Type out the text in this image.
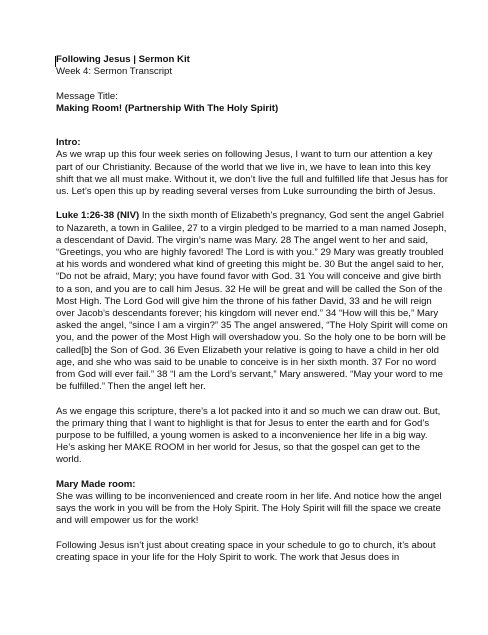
Following Jesus | Sermon Kit

Week 4: Sermon Transcript

Message Title:

Making Room! (Partnership With The Holy Spirit)

Intro:

As we wrap up this four week series on following Jesus, I want to turn our attention a key part of our Christianity. Because of the world that we live in, we have to lean into this key shift that we all must make. Without it, we don’t live the full and fulfilled life that Jesus has for us. Let’s open this up by reading several verses from Luke surrounding the birth of Jesus.

Luke 1:26-38 (NIV) In the sixth month of Elizabeth’s pregnancy, God sent the angel Gabriel to Nazareth, a town in Galilee, 27 to a virgin pledged to be married to a man named Joseph, a descendant of David. The virgin’s name was Mary. 28 The angel went to her and said, “Greetings, you who are highly favored! The Lord is with you.” 29 Mary was greatly troubled at his words and wondered what kind of greeting this might be. 30 But the angel said to her, “Do not be afraid, Mary; you have found favor with God. 31 You will conceive and give birth to a son, and you are to call him Jesus. 32 He will be great and will be called the Son of the Most High. The Lord God will give him the throne of his father David, 33 and he will reign over Jacob’s descendants forever; his kingdom will never end.” 34 “How will this be,” Mary asked the angel, “since I am a virgin?” 35 The angel answered, “The Holy Spirit will come on you, and the power of the Most High will overshadow you. So the holy one to be born will be called[b] the Son of God. 36 Even Elizabeth your relative is going to have a child in her old age, and she who was said to be unable to conceive is in her sixth month. 37 For no word from God will ever fail.” 38 “I am the Lord’s servant,” Mary answered. “May your word to me be fulfilled.” Then the angel left her.

As we engage this scripture, there’s a lot packed into it and so much we can draw out. But, the primary thing that I want to highlight is that for Jesus to enter the earth and for God’s purpose to be fulfilled, a young women is asked to a inconvenience her life in a big way. He’s asking her MAKE ROOM in her world for Jesus, so that the gospel can get to the world.

Mary Made room:

She was willing to be inconvenienced and create room in her life. And notice how the angel says the work in you will be from the Holy Spirit. The Holy Spirit will fill the space we create and will empower us for the work!

Following Jesus isn’t just about creating space in your schedule to go to church, it’s about creating space in your life for the Holy Spirit to work. The work that Jesus does in
